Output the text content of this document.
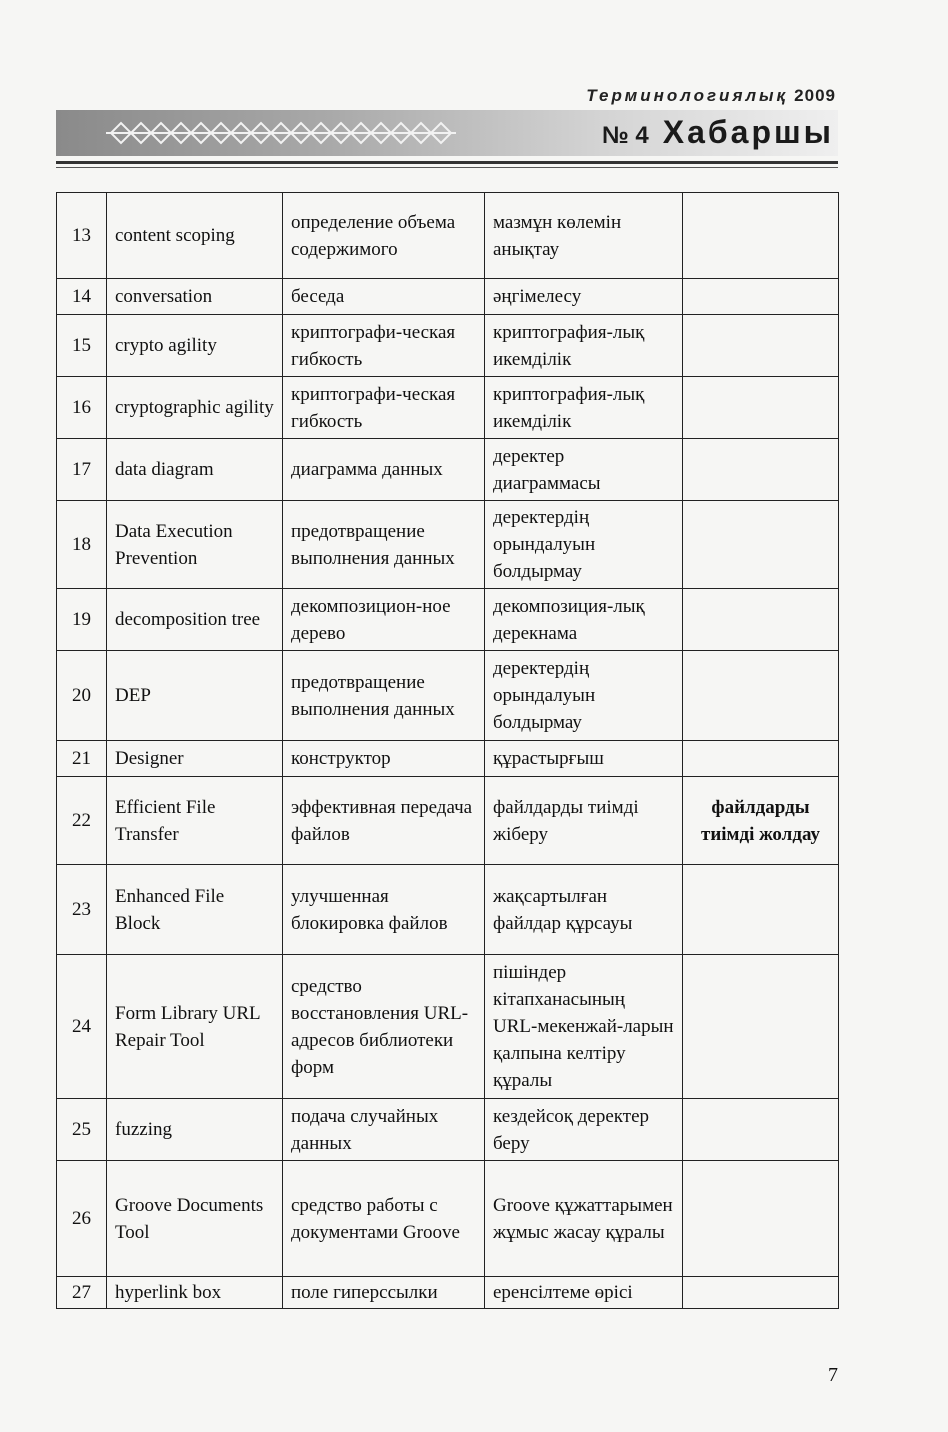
Терминологиялық 2009
№ 4 Хабаршы
13	content scoping	определение объема содержимого	мазмұн көлемін анықтау	
14	conversation	беседа	әңгімелесу	
15	crypto agility	криптографи-ческая гибкость	криптография-лық икемділік	
16	cryptographic agility	криптографи-ческая гибкость	криптография-лық икемділік	
17	data diagram	диаграмма данных	деректер диаграммасы	
18	Data Execution Prevention	предотвращение выполнения данных	деректердің орындалуын болдырмау	
19	decomposition tree	декомпозицион-ное дерево	декомпозиция-лық дерекнама	
20	DEP	предотвращение выполнения данных	деректердің орындалуын болдырмау	
21	Designer	конструктор	құрастырғыш	
22	Efficient File Transfer	эффективная передача файлов	файлдарды тиімді жіберу	файлдарды тиімді жолдау
23	Enhanced File Block	улучшенная блокировка файлов	жақсартылған файлдар құрсауы	
24	Form Library URL Repair Tool	средство восстановления URL-адресов библиотеки форм	пішіндер кітапханасының URL-мекенжай-ларын қалпына келтіру құралы	
25	fuzzing	подача случайных данных	кездейсоқ деректер беру	
26	Groove Documents Tool	средство работы с документами Groove	Groove құжаттарымен жұмыс жасау құралы	
27	hyperlink box	поле гиперссылки	еренсілтеме өрісі	
7
